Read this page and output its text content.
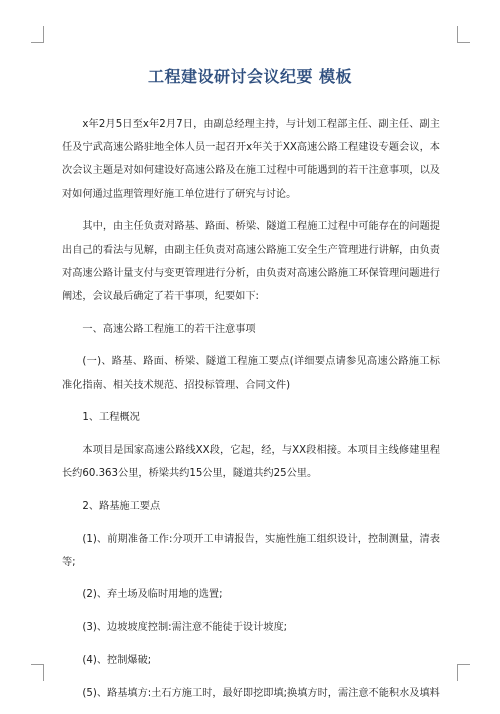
工程建设研讨会议纪要 模板

x年2月5日至x年2月7日，由副总经理主持，与计划工程部主任、副主任、副主任及宁武高速公路驻地全体人员一起召开x年关于XX高速公路工程建设专题会议，本次会议主题是对如何建设好高速公路及在施工过程中可能遇到的若干注意事项，以及对如何通过监理管理好施工单位进行了研究与讨论。

其中，由主任负责对路基、路面、桥梁、隧道工程施工过程中可能存在的问题提出自己的看法与见解，由副主任负责对高速公路施工安全生产管理进行讲解，由负责对高速公路计量支付与变更管理进行分析，由负责对高速公路施工环保管理问题进行阐述，会议最后确定了若干事项，纪要如下:

一、高速公路工程施工的若干注意事项

(一)、路基、路面、桥梁、隧道工程施工要点(详细要点请参见高速公路施工标准化指南、相关技术规范、招投标管理、合同文件)

1、工程概况

本项目是国家高速公路线XX段，它起，经，与XX段相接。本项目主线修建里程长约60.363公里，桥梁共约15公里，隧道共约25公里。

2、路基施工要点

(1)、前期准备工作:分项开工申请报告，实施性施工组织设计，控制测量，清表等;

(2)、弃土场及临时用地的选置;

(3)、边坡坡度控制:需注意不能徒于设计坡度;

(4)、控制爆破;

(5)、路基填方:土石方施工时，最好即挖即填;换填方时，需注意不能积水及填料
